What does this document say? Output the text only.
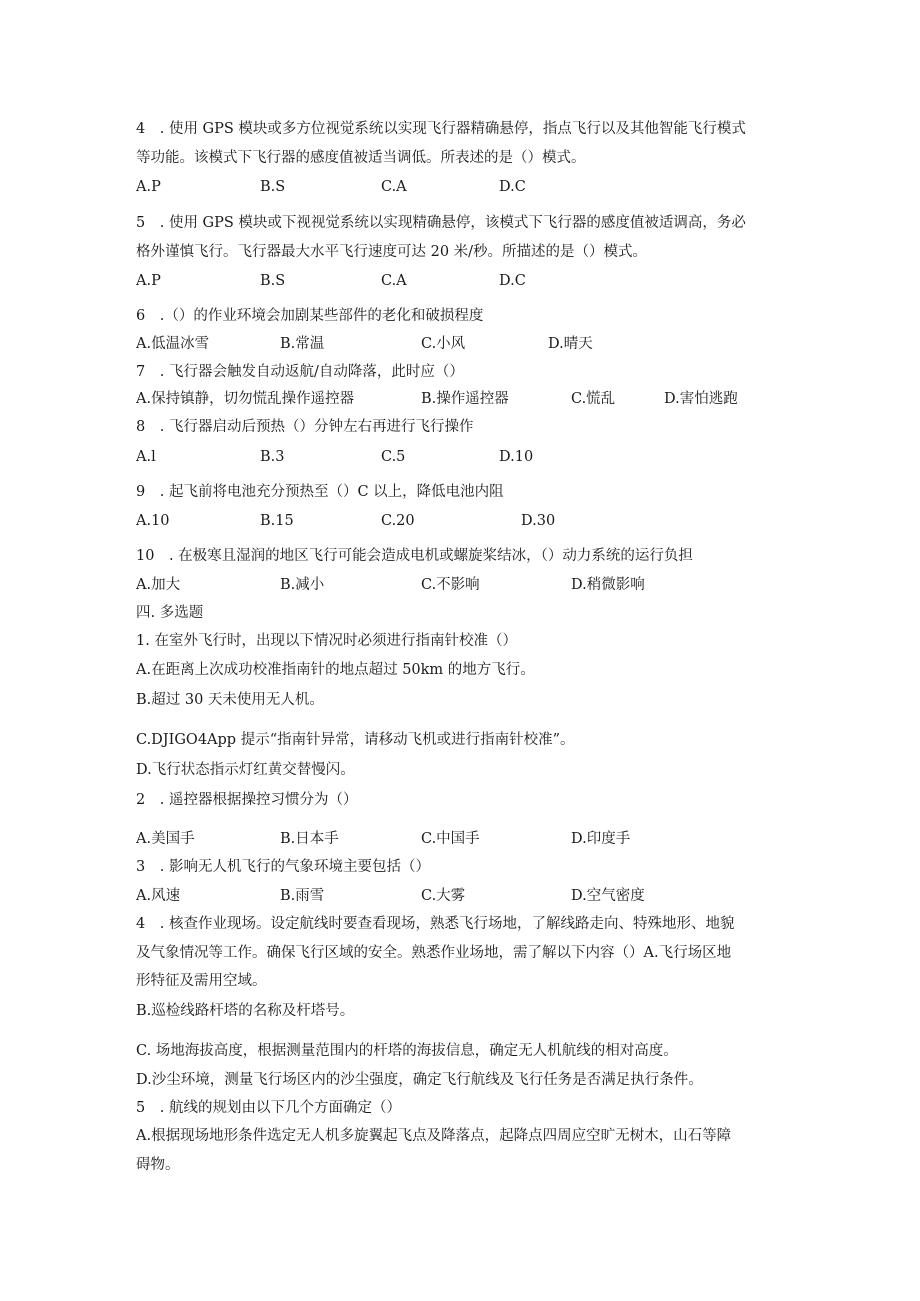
4　. 使用 GPS 模块或多方位视觉系统以实现飞行器精确悬停，指点飞行以及其他智能飞行模式
等功能。该模式下飞行器的感度值被适当调低。所表述的是（）模式。
A.P	B.S	C.A	D.C
5　. 使用 GPS 模块或下视视觉系统以实现精确悬停，该模式下飞行器的感度值被适调高，务必
格外谨慎飞行。飞行器最大水平飞行速度可达 20 米/秒。所描述的是（）模式。
A.P	B.S	C.A	D.C
6　.（）的作业环境会加剧某些部件的老化和破损程度
A.低温冰雪	B.常温	C.小风	D.晴天
7　. 飞行器会触发自动返航/自动降落，此时应（）
A.保持镇静，切勿慌乱操作遥控器	B.操作遥控器	C.慌乱	D.害怕逃跑
8　. 飞行器启动后预热（）分钟左右再进行飞行操作
A.l	B.3	C.5	D.10
9　. 起飞前将电池充分预热至（）C 以上，降低电池内阻
A.10	B.15	C.20	D.30
10　. 在极寒且湿润的地区飞行可能会造成电机或螺旋桨结冰，（）动力系统的运行负担
A.加大	B.减小	C.不影响	D.稍微影响
四. 多选题
1. 在室外飞行时，出现以下情况时必须进行指南针校准（）
A.在距离上次成功校准指南针的地点超过 50km 的地方飞行。
B.超过 30 天未使用无人机。
C.DJIGO4App 提示“指南针异常，请移动飞机或进行指南针校准”。
D.飞行状态指示灯红黄交替慢闪。
2　. 遥控器根据操控习惯分为（）
A.美国手	B.日本手	C.中国手	D.印度手
3　. 影响无人机飞行的气象环境主要包括（）
A.风速	B.雨雪	C.大雾	D.空气密度
4　. 核查作业现场。设定航线时要查看现场，熟悉飞行场地，了解线路走向、特殊地形、地貌
及气象情况等工作。确保飞行区域的安全。熟悉作业场地，需了解以下内容（）A.飞行场区地
形特征及需用空域。
B.巡检线路杆塔的名称及杆塔号。
C. 场地海拔高度，根据测量范围内的杆塔的海拔信息，确定无人机航线的相对高度。
D.沙尘环境，测量飞行场区内的沙尘强度，确定飞行航线及飞行任务是否满足执行条件。
5　. 航线的规划由以下几个方面确定（）
A.根据现场地形条件选定无人机多旋翼起飞点及降落点，起降点四周应空旷无树木，山石等障
碍物。
